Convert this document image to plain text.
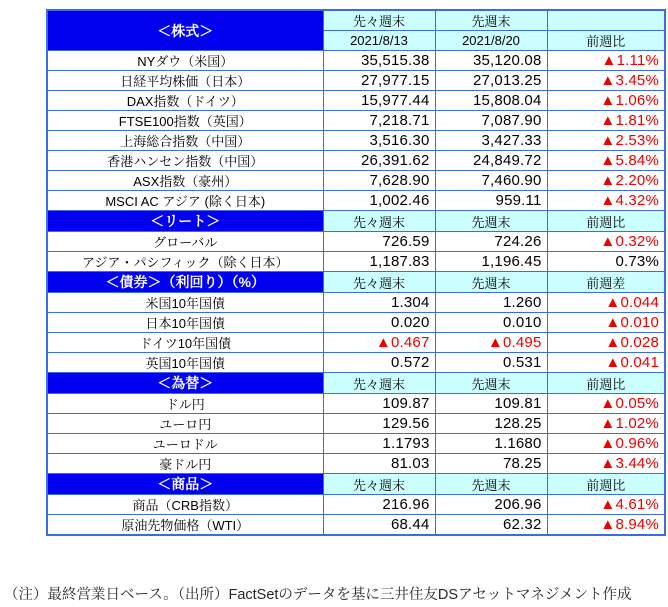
＜株式＞	先々週末	先週末	
	2021/8/13	2021/8/20	前週比
NYダウ（米国）	35,515.38	35,120.08	▲1.11%
日経平均株価（日本）	27,977.15	27,013.25	▲3.45%
DAX指数（ドイツ）	15,977.44	15,808.04	▲1.06%
FTSE100指数（英国）	7,218.71	7,087.90	▲1.81%
上海総合指数（中国）	3,516.30	3,427.33	▲2.53%
香港ハンセン指数（中国）	26,391.62	24,849.72	▲5.84%
ASX指数（豪州）	7,628.90	7,460.90	▲2.20%
MSCI AC アジア (除く日本)	1,002.46	959.11	▲4.32%
＜リート＞	先々週末	先週末	前週比
グローバル	726.59	724.26	▲0.32%
アジア・パシフィック（除く日本）	1,187.83	1,196.45	0.73%
＜債券＞（利回り）（%）	先々週末	先週末	前週差
米国10年国債	1.304	1.260	▲0.044
日本10年国債	0.020	0.010	▲0.010
ドイツ10年国債	▲0.467	▲0.495	▲0.028
英国10年国債	0.572	0.531	▲0.041
＜為替＞	先々週末	先週末	前週比
ドル円	109.87	109.81	▲0.05%
ユーロ円	129.56	128.25	▲1.02%
ユーロドル	1.1793	1.1680	▲0.96%
豪ドル円	81.03	78.25	▲3.44%
＜商品＞	先々週末	先週末	前週比
商品（CRB指数）	216.96	206.96	▲4.61%
原油先物価格（WTI）	68.44	62.32	▲8.94%
（注）最終営業日ベース。（出所）FactSetのデータを基に三井住友DSアセットマネジメント作成
